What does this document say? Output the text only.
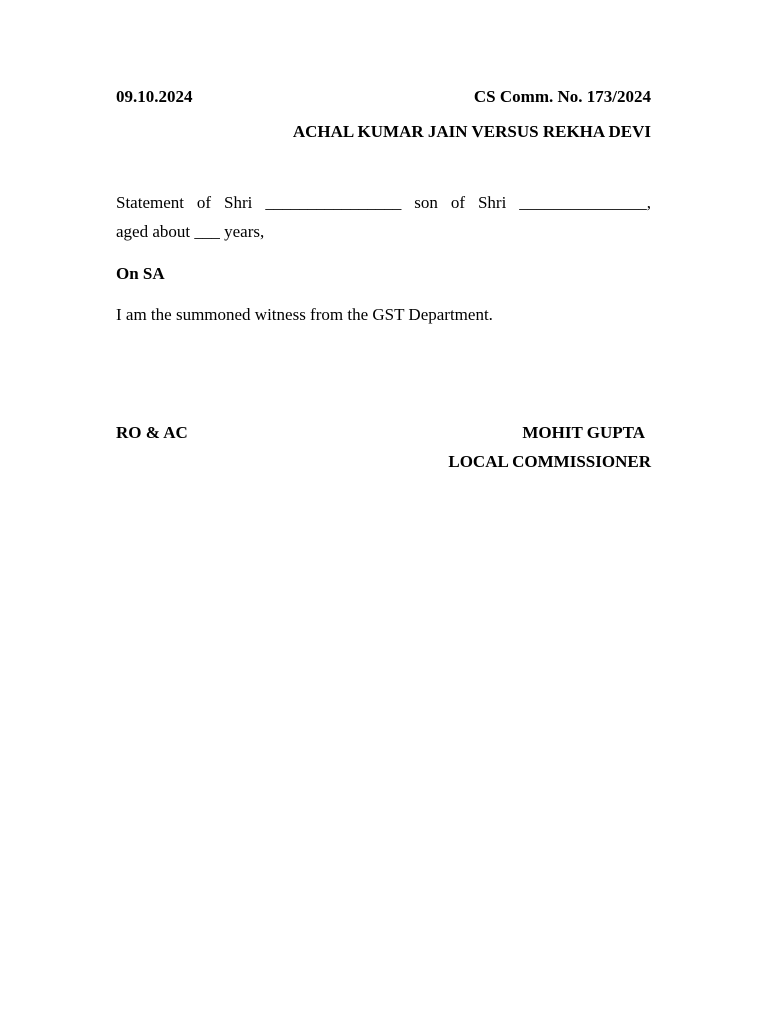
09.10.2024	CS Comm. No. 173/2024
ACHAL KUMAR JAIN VERSUS REKHA DEVI
Statement of Shri ________________ son of Shri _______________,
aged about ___ years,
On SA
I am the summoned witness from the GST Department.
RO & AC	MOHIT GUPTA
LOCAL COMMISSIONER
